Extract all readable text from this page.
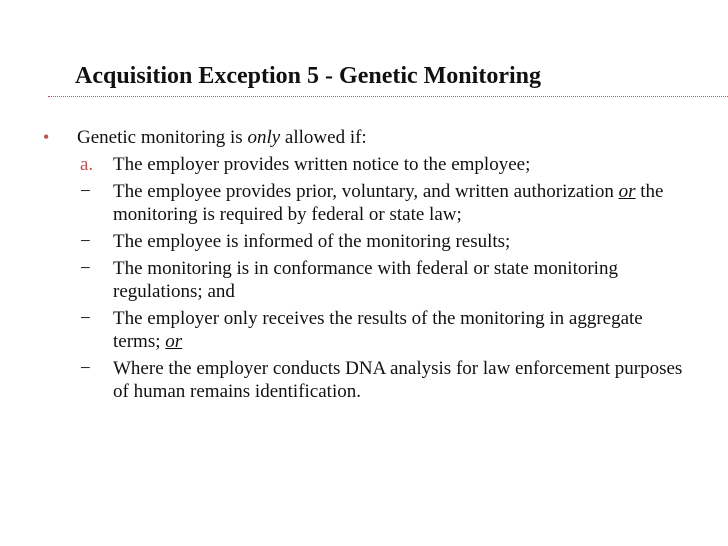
Acquisition Exception 5 - Genetic Monitoring
• Genetic monitoring is only allowed if:
a. The employer provides written notice to the employee;
− The employee provides prior, voluntary, and written authorization or the monitoring is required by federal or state law;
− The employee is informed of the monitoring results;
− The monitoring is in conformance with federal or state monitoring regulations; and
− The employer only receives the results of the monitoring in aggregate terms; or
− Where the employer conducts DNA analysis for law enforcement purposes of human remains identification.
